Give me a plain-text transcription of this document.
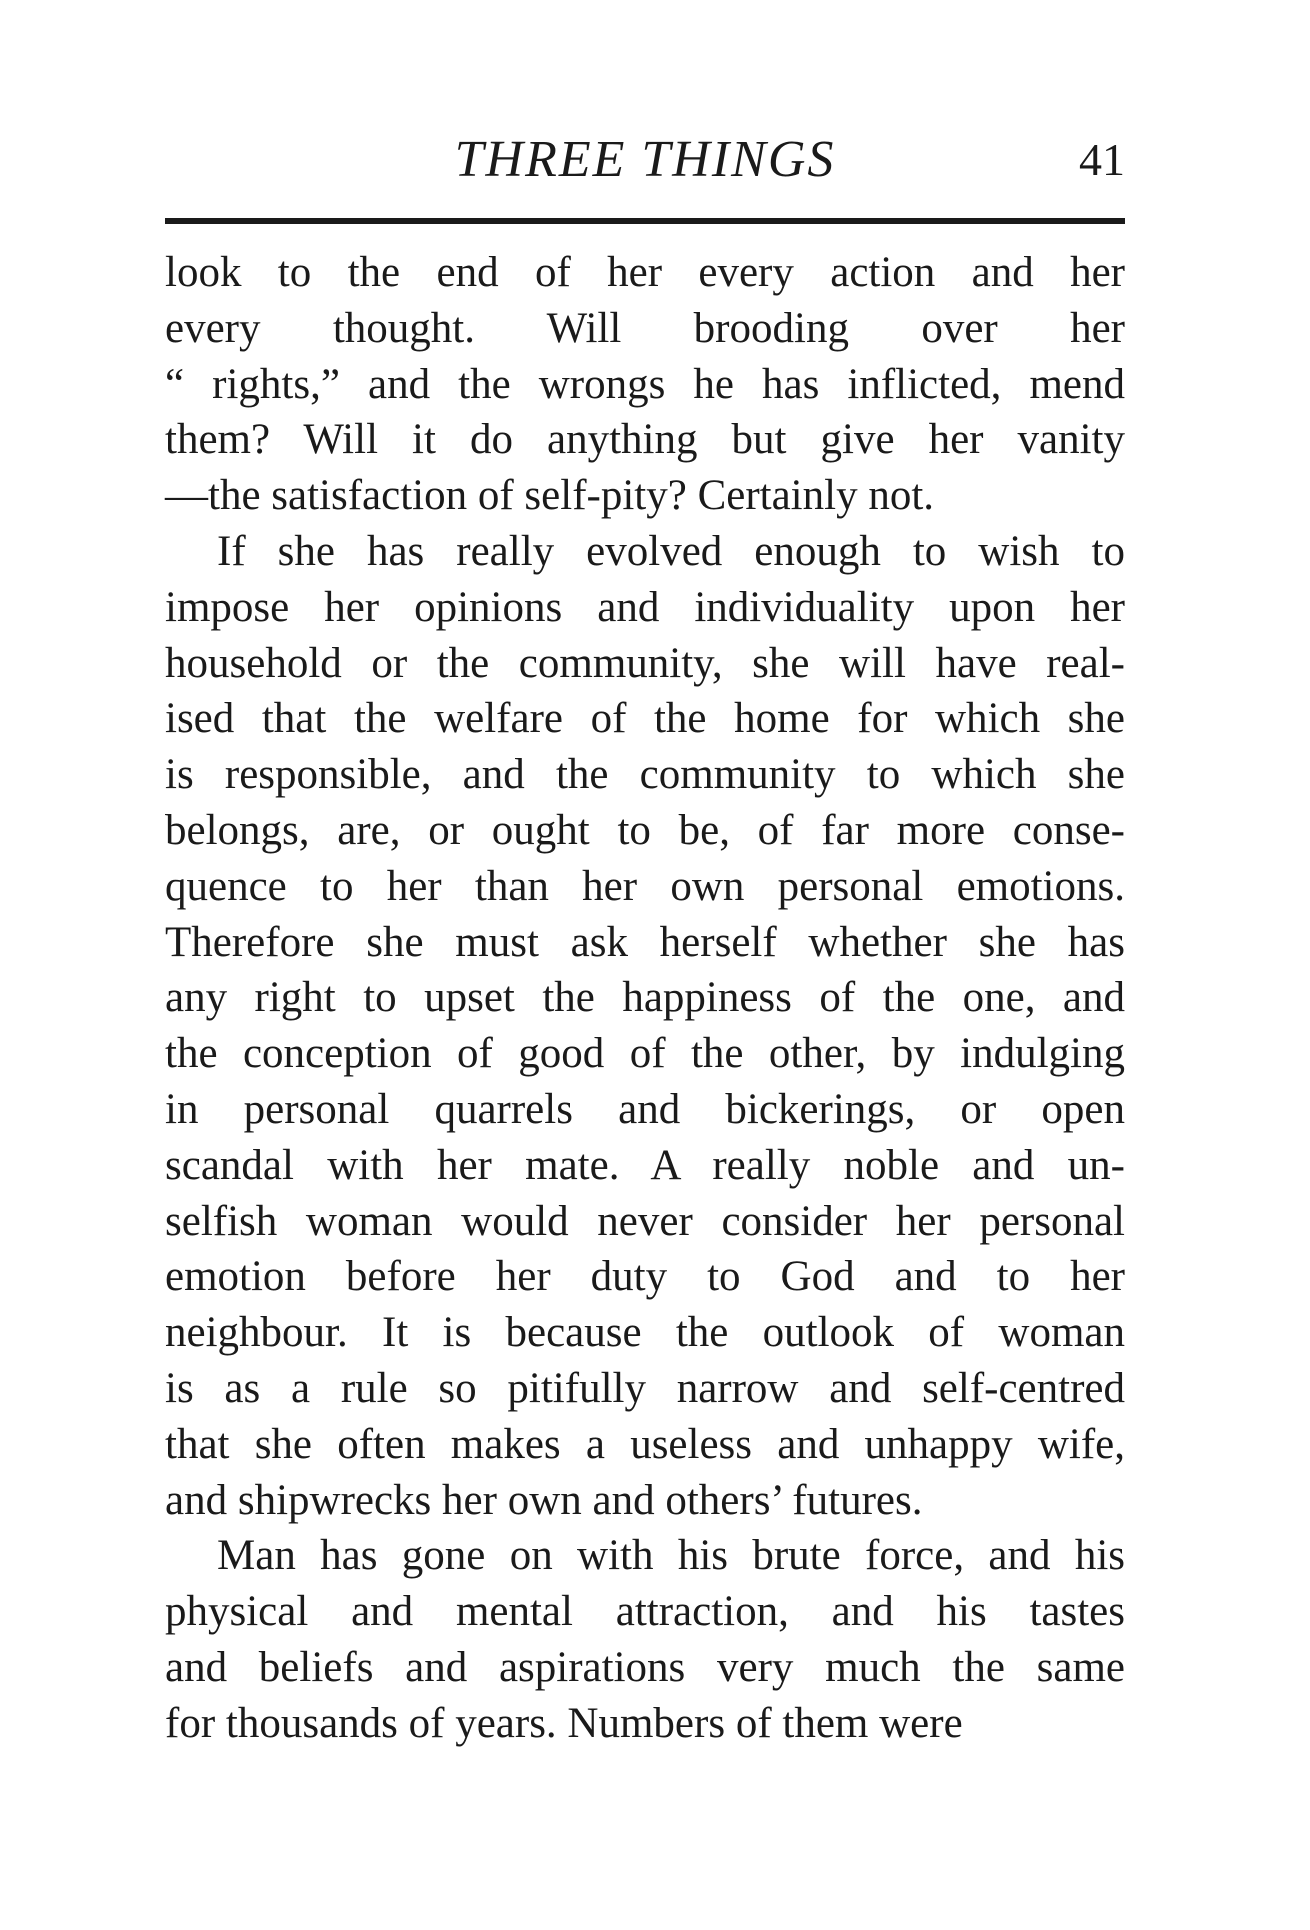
THREE THINGS	41
look to the end of her every action and her
every thought. Will brooding over her
“ rights,” and the wrongs he has inflicted, mend
them? Will it do anything but give her vanity
—the satisfaction of self-pity? Certainly not.
If she has really evolved enough to wish to
impose her opinions and individuality upon her
household or the community, she will have real-
ised that the welfare of the home for which she
is responsible, and the community to which she
belongs, are, or ought to be, of far more conse-
quence to her than her own personal emotions.
Therefore she must ask herself whether she has
any right to upset the happiness of the one, and
the conception of good of the other, by indulging
in personal quarrels and bickerings, or open
scandal with her mate. A really noble and un-
selfish woman would never consider her personal
emotion before her duty to God and to her
neighbour. It is because the outlook of woman
is as a rule so pitifully narrow and self-centred
that she often makes a useless and unhappy wife,
and shipwrecks her own and others’ futures.
Man has gone on with his brute force, and his
physical and mental attraction, and his tastes
and beliefs and aspirations very much the same
for thousands of years. Numbers of them were
